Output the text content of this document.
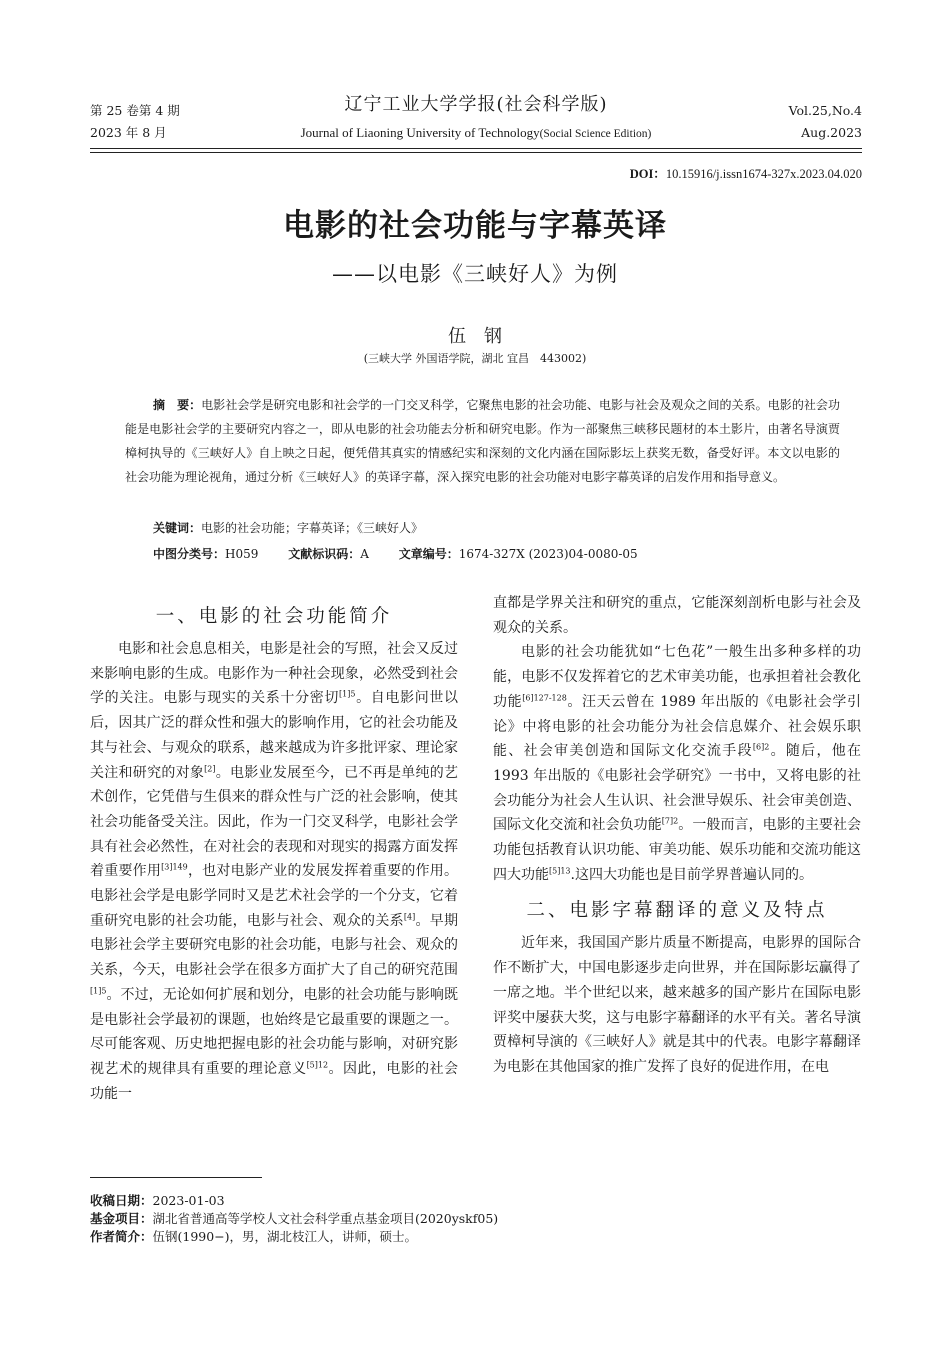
第 25 卷第 4 期	辽宁工业大学学报(社会科学版)	Vol.25,No.4
2023 年 8 月	Journal of Liaoning University of Technology(Social Science Edition)	Aug.2023
DOI：10.15916/j.issn1674-327x.2023.04.020
电影的社会功能与字幕英译
——以电影《三峡好人》为例
伍钢
(三峡大学 外国语学院，湖北 宜昌　443002)

摘　要：电影社会学是研究电影和社会学的一门交叉科学，它聚焦电影的社会功能、电影与社会及观众之间的关系。电影的社会功能是电影社会学的主要研究内容之一，即从电影的社会功能去分析和研究电影。作为一部聚焦三峡移民题材的本土影片，由著名导演贾樟柯执导的《三峡好人》自上映之日起，便凭借其真实的情感纪实和深刻的文化内涵在国际影坛上获奖无数，备受好评。本文以电影的社会功能为理论视角，通过分析《三峡好人》的英译字幕，深入探究电影的社会功能对电影字幕英译的启发作用和指导意义。

关键词：电影的社会功能；字幕英译；《三峡好人》
中图分类号：H059 文献标识码：A 文章编号：1674-327X (2023)04-0080-05
一、电影的社会功能简介

电影和社会息息相关，电影是社会的写照，社会又反过来影响电影的生成。电影作为一种社会现象，必然受到社会学的关注。电影与现实的关系十分密切$^{[1]5}$。自电影问世以后，因其广泛的群众性和强大的影响作用，它的社会功能及其与社会、与观众的联系，越来越成为许多批评家、理论家关注和研究的对象[2]。电影业发展至今，已不再是单纯的艺术创作，它凭借与生俱来的群众性与广泛的社会影响，使其社会功能备受关注。因此，作为一门交叉科学，电影社会学具有社会必然性，在对社会的表现和对现实的揭露方面发挥着重要作用$^{[3]149}$，也对电影产业的发展发挥着重要的作用。电影社会学是电影学同时又是艺术社会学的一个分支，它着重研究电影的社会功能，电影与社会、观众的关系[4]。早期电影社会学主要研究电影的社会功能，电影与社会、观众的关系，今天，电影社会学在很多方面扩大了自己的研究范围$^{[1]5}$。不过，无论如何扩展和划分，电影的社会功能与影响既是电影社会学最初的课题，也始终是它最重要的课题之一。尽可能客观、历史地把握电影的社会功能与影响，对研究影视艺术的规律具有重要的理论意义$^{[5]12}$。因此，电影的社会功能一

直都是学界关注和研究的重点，它能深刻剖析电影与社会及观众的关系。

电影的社会功能犹如“七色花”一般生出多种多样的功能，电影不仅发挥着它的艺术审美功能，也承担着社会教化功能$^{[6]127-128}$。汪天云曾在 1989 年出版的《电影社会学引论》中将电影的社会功能分为社会信息媒介、社会娱乐职能、社会审美创造和国际文化交流手段$^{[6]2}$。随后，他在 1993 年出版的《电影社会学研究》一书中，又将电影的社会功能分为社会人生认识、社会泄导娱乐、社会审美创造、国际文化交流和社会负功能$^{[7]2}$。一般而言，电影的主要社会功能包括教育认识功能、审美功能、娱乐功能和交流功能这四大功能$^{[5]13}$.这四大功能也是目前学界普遍认同的。

二、电影字幕翻译的意义及特点

近年来，我国国产影片质量不断提高，电影界的国际合作不断扩大，中国电影逐步走向世界，并在国际影坛赢得了一席之地。半个世纪以来，越来越多的国产影片在国际电影评奖中屡获大奖，这与电影字幕翻译的水平有关。著名导演贾樟柯导演的《三峡好人》就是其中的代表。电影字幕翻译为电影在其他国家的推广发挥了良好的促进作用，在电

收稿日期：2023-01-03
基金项目：湖北省普通高等学校人文社会科学重点基金项目(2020yskf05)
作者简介：伍钢(1990−)，男，湖北枝江人，讲师，硕士。
